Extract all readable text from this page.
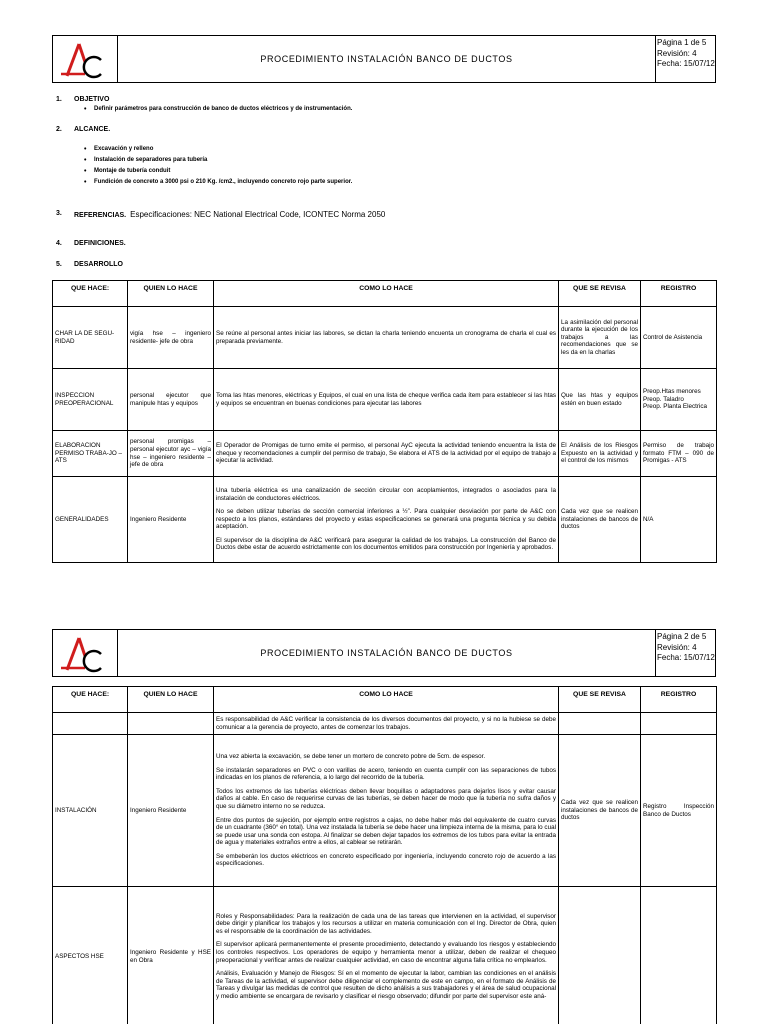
PROCEDIMIENTO INSTALACIÓN BANCO DE DUCTOS
Página 1 de 5
Revisión: 4
Fecha: 15/07/12
1. OBJETIVO
• Definir parámetros para construcción de banco de ductos eléctricos y de instrumentación.
2. ALCANCE.
• Excavación y relleno
• Instalación de separadores para tubería
• Montaje de tubería conduit
• Fundición de concreto a 3000 psi o 210 Kg. /cm2., incluyendo concreto rojo parte superior.
3. REFERENCIAS. Especificaciones: NEC National Electrical Code, ICONTEC Norma 2050
4. DEFINICIONES.
5. DESARROLLO
QUE HACE:	QUIEN LO HACE	COMO LO HACE	QUE SE REVISA	REGISTRO
CHAR LA DE SEGU-RIDAD	vigía hse – ingeniero residente- jefe de obra	Se reúne al personal antes iniciar las labores, se dictan la charla teniendo encuenta un cronograma de charla el cual es preparada previamente.	La asimilación del personal durante la ejecución de los trabajos a las recomendaciones que se les da en la charlas	Control de Asistencia
INSPECCION PREOPERACIONAL	personal ejecutor que manipule htas y equipos	Toma las htas menores, eléctricas y Equipos, el cual en una lista de cheque verifica cada ítem para establecer si las htas y equipos se encuentran en buenas condiciones para ejecutar las labores	Que las htas y equipos estén en buen estado	Preop.Htas menores
Preop. Taladro
Preop. Planta Electrica
ELABORACION PERMISO TRABA-JO – ATS	personal promigas – personal ejecutor ayc – vigía hse – ingeniero residente – jefe de obra	El Operador de Promigas de turno emite el permiso, el personal AyC ejecuta la actividad teniendo encuentra la lista de cheque y recomendaciones a cumplir del permiso de trabajo, Se elabora el ATS de la actividad por el equipo de trabajo a ejecutar la actividad.	El Análisis de los Riesgos Expuesto en la actividad y el control de los mismos	Permiso de trabajo formato FTM – 090 de Promigas - ATS
GENERALIDADES	Ingeniero Residente	Una tubería eléctrica es una canalización de sección circular con acoplamientos, integrados o asociados para la instalación de conductores eléctricos.

No se deben utilizar tuberías de sección comercial inferiores a ½”. Para cualquier desviación por parte de A&C con respecto a los planos, estándares del proyecto y estas especificaciones se generará una pregunta técnica y su debida aceptación.

El supervisor de la disciplina de A&C verificará para asegurar la calidad de los trabajos. La construcción del Banco de Ductos debe estar de acuerdo estrictamente con los documentos emitidos para construcción por Ingeniería y aprobados.	Cada vez que se realicen instalaciones de bancos de ductos	N/A
PROCEDIMIENTO INSTALACIÓN BANCO DE DUCTOS
Página 2 de 5
Revisión: 4
Fecha: 15/07/12
QUE HACE:	QUIEN LO HACE	COMO LO HACE	QUE SE REVISA	REGISTRO

		Es responsabilidad de A&C verificar la consistencia de los diversos documentos del proyecto, y si no la hubiese se debe comunicar a la gerencia de proyecto, antes de comenzar los trabajos.		

INSTALACIÓN	Ingeniero Residente	Una vez abierta la excavación, se debe tener un mortero de concreto pobre de 5cm. de espesor.

Se instalarán separadores en PVC o con varillas de acero, teniendo en cuenta cumplir con las separaciones de tubos indicadas en los planos de referencia, a lo largo del recorrido de la tubería.

Todos los extremos de las tuberías eléctricas deben llevar boquillas o adaptadores para dejarlos lisos y evitar causar daños al cable. En caso de requerirse curvas de las tuberías, se deben hacer de modo que la tubería no sufra daños y que su diámetro interno no se reduzca.

Entre dos puntos de sujeción, por ejemplo entre registros a cajas, no debe haber más del equivalente de cuatro curvas de un cuadrante (360° en total). Una vez instalada la tubería se debe hacer una limpieza interna de la misma, para lo cual se puede usar una sonda con estopa. Al finalizar se deben dejar tapados los extremos de los tubos para evitar la entrada de agua y materiales extraños entre a ellos, al cablear se retirarán.

Se embeberán los ductos eléctricos en concreto especificado por ingeniería, incluyendo concreto rojo de acuerdo a las especificaciones.	Cada vez que se realicen instalaciones de bancos de ductos	Registro Inspección Banco de Ductos
ASPECTOS HSE	Ingeniero Residente y HSE en Obra	Roles y Responsabilidades: Para la realización de cada una de las tareas que intervienen en la actividad, el supervisor debe dirigir y planificar los trabajos y los recursos a utilizar en materia comunicación con el Ing. Director de Obra, quien es el responsable de la coordinación de las actividades.

El supervisor aplicará permanentemente el presente procedimiento, detectando y evaluando los riesgos y estableciendo los controles respectivos. Los operadores de equipo y herramienta menor a utilizar, deben de realizar el chequeo preoperacional y verificar antes de realizar cualquier actividad, en caso de encontrar alguna falla crítica no emplearlos.

Análisis, Evaluación y Manejo de Riesgos: Sí en el momento de ejecutar la labor, cambian las condiciones en el análisis de Tareas de la actividad, el supervisor debe diligenciar el complemento de este en campo, en el formato de Análisis de Tareas y divulgar las medidas de control que resulten de dicho análisis a sus trabajadores y el área de salud ocupacional y medio ambiente se encargara de revisarlo y clasificar el riesgo observado; difundir por parte del supervisor este aná-		
